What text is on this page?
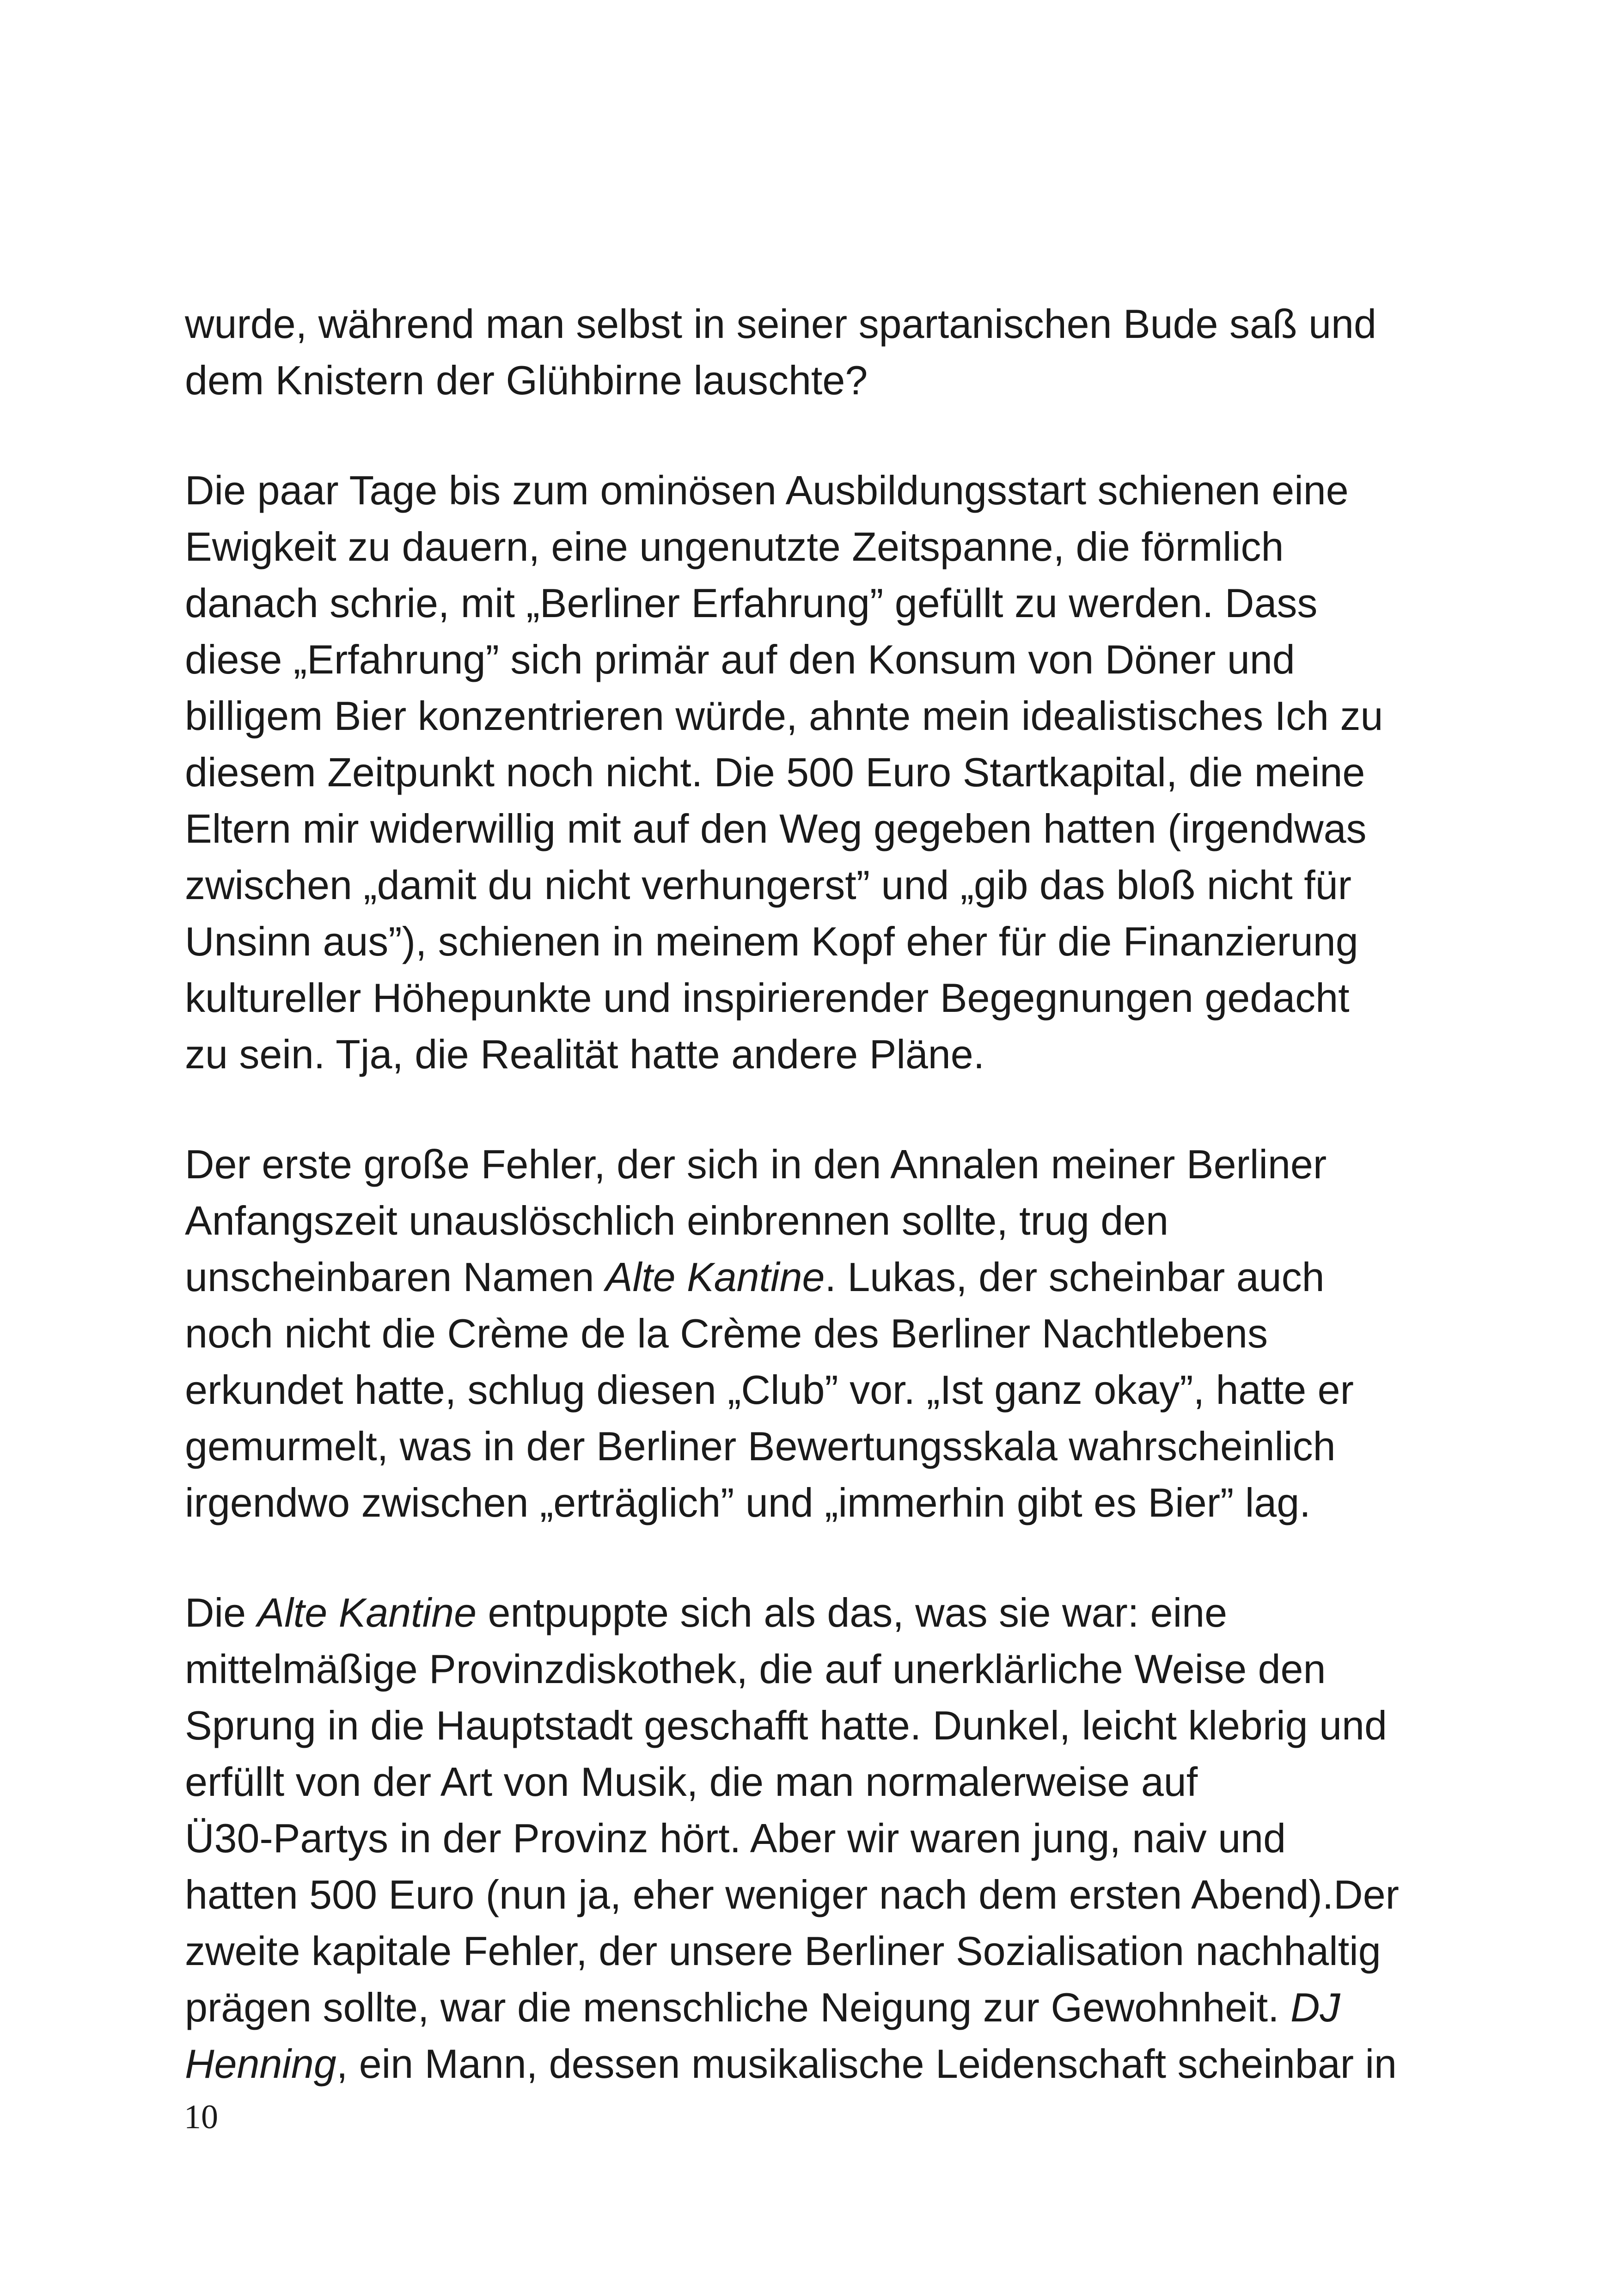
wurde, während man selbst in seiner spartanischen Bude saß und
dem Knistern der Glühbirne lauschte?

Die paar Tage bis zum ominösen Ausbildungsstart schienen eine
Ewigkeit zu dauern, eine ungenutzte Zeitspanne, die förmlich
danach schrie, mit „Berliner Erfahrung” gefüllt zu werden. Dass
diese „Erfahrung” sich primär auf den Konsum von Döner und
billigem Bier konzentrieren würde, ahnte mein idealistisches Ich zu
diesem Zeitpunkt noch nicht. Die 500 Euro Startkapital, die meine
Eltern mir widerwillig mit auf den Weg gegeben hatten (irgendwas
zwischen „damit du nicht verhungerst” und „gib das bloß nicht für
Unsinn aus”), schienen in meinem Kopf eher für die Finanzierung
kultureller Höhepunkte und inspirierender Begegnungen gedacht
zu sein. Tja, die Realität hatte andere Pläne.

Der erste große Fehler, der sich in den Annalen meiner Berliner
Anfangszeit unauslöschlich einbrennen sollte, trug den
unscheinbaren Namen Alte Kantine. Lukas, der scheinbar auch
noch nicht die Crème de la Crème des Berliner Nachtlebens
erkundet hatte, schlug diesen „Club” vor. „Ist ganz okay”, hatte er
gemurmelt, was in der Berliner Bewertungsskala wahrscheinlich
irgendwo zwischen „erträglich” und „immerhin gibt es Bier” lag.

Die Alte Kantine entpuppte sich als das, was sie war: eine
mittelmäßige Provinzdiskothek, die auf unerklärliche Weise den
Sprung in die Hauptstadt geschafft hatte. Dunkel, leicht klebrig und
erfüllt von der Art von Musik, die man normalerweise auf
Ü30-Partys in der Provinz hört. Aber wir waren jung, naiv und
hatten 500 Euro (nun ja, eher weniger nach dem ersten Abend).Der
zweite kapitale Fehler, der unsere Berliner Sozialisation nachhaltig
prägen sollte, war die menschliche Neigung zur Gewohnheit. DJ
Henning, ein Mann, dessen musikalische Leidenschaft scheinbar in

10
